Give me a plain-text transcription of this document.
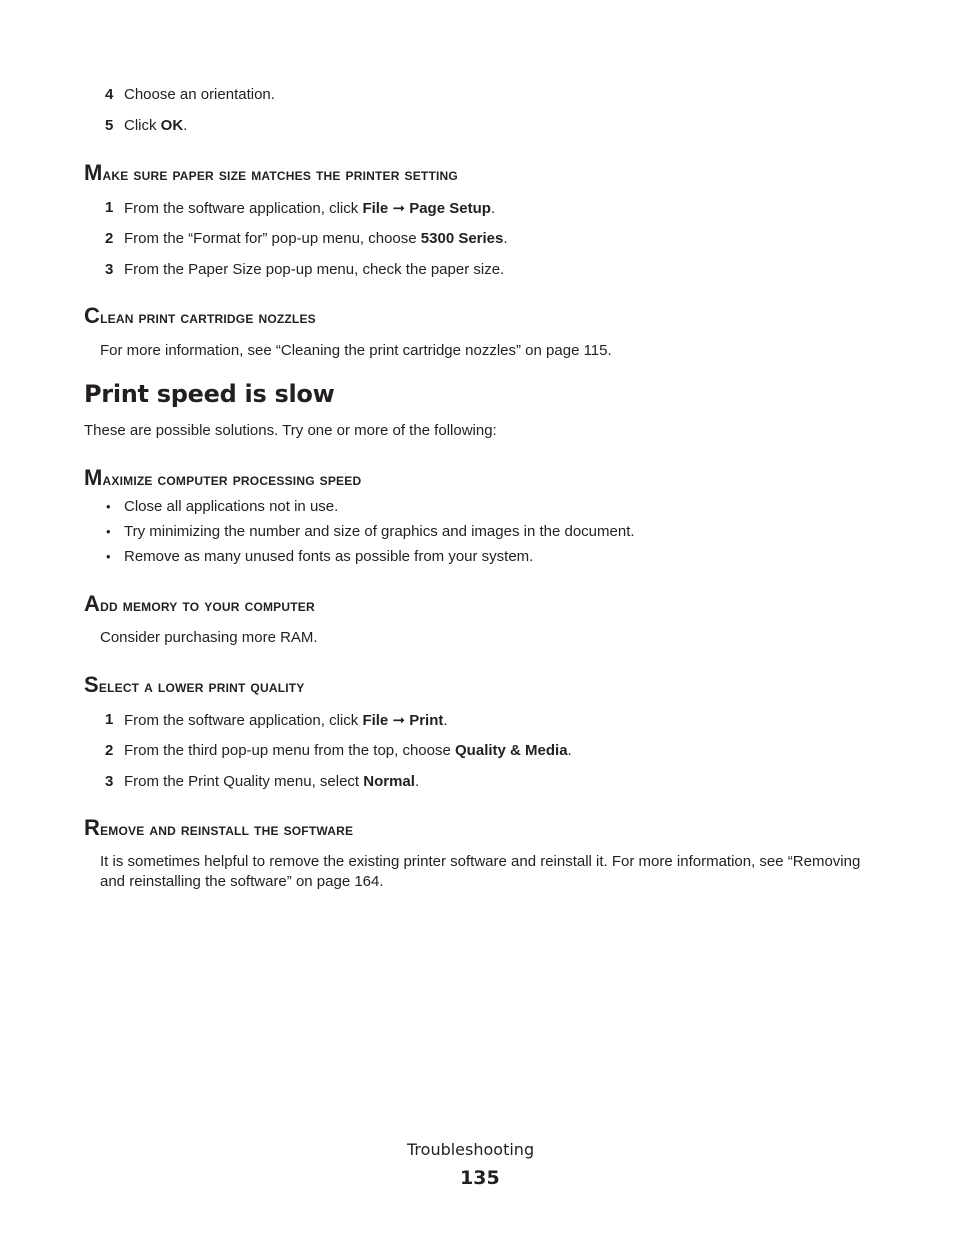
4 Choose an orientation.
5 Click OK.
Make sure paper size matches the printer setting
1 From the software application, click File ➞ Page Setup.
2 From the “Format for” pop-up menu, choose 5300 Series.
3 From the Paper Size pop-up menu, check the paper size.
Clean print cartridge nozzles
For more information, see “Cleaning the print cartridge nozzles” on page 115.
Print speed is slow
These are possible solutions. Try one or more of the following:
Maximize computer processing speed
• Close all applications not in use.
• Try minimizing the number and size of graphics and images in the document.
• Remove as many unused fonts as possible from your system.
Add memory to your computer
Consider purchasing more RAM.
Select a lower print quality
1 From the software application, click File ➞ Print.
2 From the third pop-up menu from the top, choose Quality & Media.
3 From the Print Quality menu, select Normal.
Remove and reinstall the software
It is sometimes helpful to remove the existing printer software and reinstall it. For more information, see “Removing and reinstalling the software” on page 164.
Troubleshooting
135
